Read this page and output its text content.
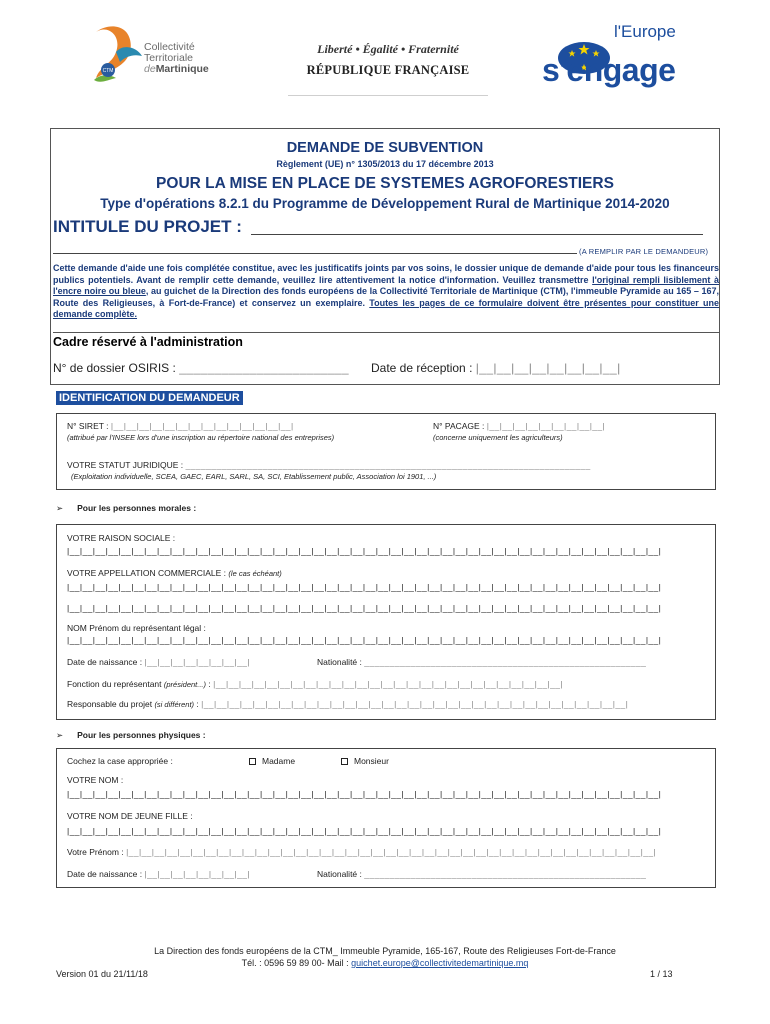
CTM
Collectivité
Territoriale
deMartinique
Liberté • Égalité • Fraternité
RÉPUBLIQUE FRANÇAISE
l'Europe
s'engage
DEMANDE DE SUBVENTION
Règlement (UE) n° 1305/2013 du 17 décembre 2013
POUR LA MISE EN PLACE DE SYSTEMES AGROFORESTIERS
Type d'opérations 8.2.1 du Programme de Développement Rural de Martinique 2014-2020
INTITULE DU PROJET :
(A REMPLIR PAR LE DEMANDEUR)
Cette demande d'aide une fois complétée constitue, avec les justificatifs joints par vos soins, le dossier unique de demande d'aide pour tous les financeurs publics potentiels. Avant de remplir cette demande, veuillez lire attentivement la notice d'information. Veuillez transmettre l'original rempli lisiblement à l'encre noire ou bleue, au guichet de la Direction des fonds européens de la Collectivité Territoriale de Martinique (CTM), l'immeuble Pyramide au 165 – 167, Route des Religieuses, à Fort-de-France) et conservez un exemplaire. Toutes les pages de ce formulaire doivent être présentes pour constituer une demande complète.
Cadre réservé à l'administration
N° de dossier OSIRIS : ________________________ Date de réception : |__|__|__|__|__|__|__|__|
IDENTIFICATION DU DEMANDEUR
N° SIRET : |__|__|__|__|__|__|__|__|__|__|__|__|__|__|
(attribué par l'INSEE lors d'une inscription au répertoire national des entreprises)
N° PACAGE : |__|__|__|__|__|__|__|__|__|
(concerne uniquement les agriculteurs)
VOTRE STATUT JURIDIQUE : _______________________________________________________________________________
(Exploitation individuelle, SCEA, GAEC, EARL, SARL, SA, SCI, Etablissement public, Association loi 1901, ...)
➢ Pour les personnes morales :
VOTRE RAISON SOCIALE :
|__|__|__|__|__|__|__|__|__|__|__|__|__|__|__|__|__|__|__|__|__|__|__|__|__|__|__|__|__|__|__|__|__|__|__|__|__|__|__|__|__|__|__|__|__|__|
VOTRE APPELLATION COMMERCIALE : (le cas échéant)
|__|__|__|__|__|__|__|__|__|__|__|__|__|__|__|__|__|__|__|__|__|__|__|__|__|__|__|__|__|__|__|__|__|__|__|__|__|__|__|__|__|__|__|__|__|__|
|__|__|__|__|__|__|__|__|__|__|__|__|__|__|__|__|__|__|__|__|__|__|__|__|__|__|__|__|__|__|__|__|__|__|__|__|__|__|__|__|__|__|__|__|__|__|
NOM Prénom du représentant légal :
|__|__|__|__|__|__|__|__|__|__|__|__|__|__|__|__|__|__|__|__|__|__|__|__|__|__|__|__|__|__|__|__|__|__|__|__|__|__|__|__|__|__|__|__|__|__|
Date de naissance : |__|__|__|__|__|__|__|__|	Nationalité : _______________________________________________________
Fonction du représentant (président...) : |__|__|__|__|__|__|__|__|__|__|__|__|__|__|__|__|__|__|__|__|__|__|__|__|__|__|__|
Responsable du projet (si différent) : |__|__|__|__|__|__|__|__|__|__|__|__|__|__|__|__|__|__|__|__|__|__|__|__|__|__|__|__|__|__|__|__|__|
➢ Pour les personnes physiques :
Cochez la case appropriée :	Madame	Monsieur
VOTRE NOM :
|__|__|__|__|__|__|__|__|__|__|__|__|__|__|__|__|__|__|__|__|__|__|__|__|__|__|__|__|__|__|__|__|__|__|__|__|__|__|__|__|__|__|__|__|__|__|
VOTRE NOM DE JEUNE FILLE :
|__|__|__|__|__|__|__|__|__|__|__|__|__|__|__|__|__|__|__|__|__|__|__|__|__|__|__|__|__|__|__|__|__|__|__|__|__|__|__|__|__|__|__|__|__|__|
Votre Prénom : |__|__|__|__|__|__|__|__|__|__|__|__|__|__|__|__|__|__|__|__|__|__|__|__|__|__|__|__|__|__|__|__|__|__|__|__|__|__|__|__|__|
Date de naissance : |__|__|__|__|__|__|__|__|	Nationalité : _______________________________________________________
La Direction des fonds européens de la CTM_ Immeuble Pyramide, 165-167, Route des Religieuses Fort-de-France
Tél. : 0596 59 89 00- Mail : guichet.europe@collectivitedemartinique.mq
Version 01 du 21/11/18	1 / 13
